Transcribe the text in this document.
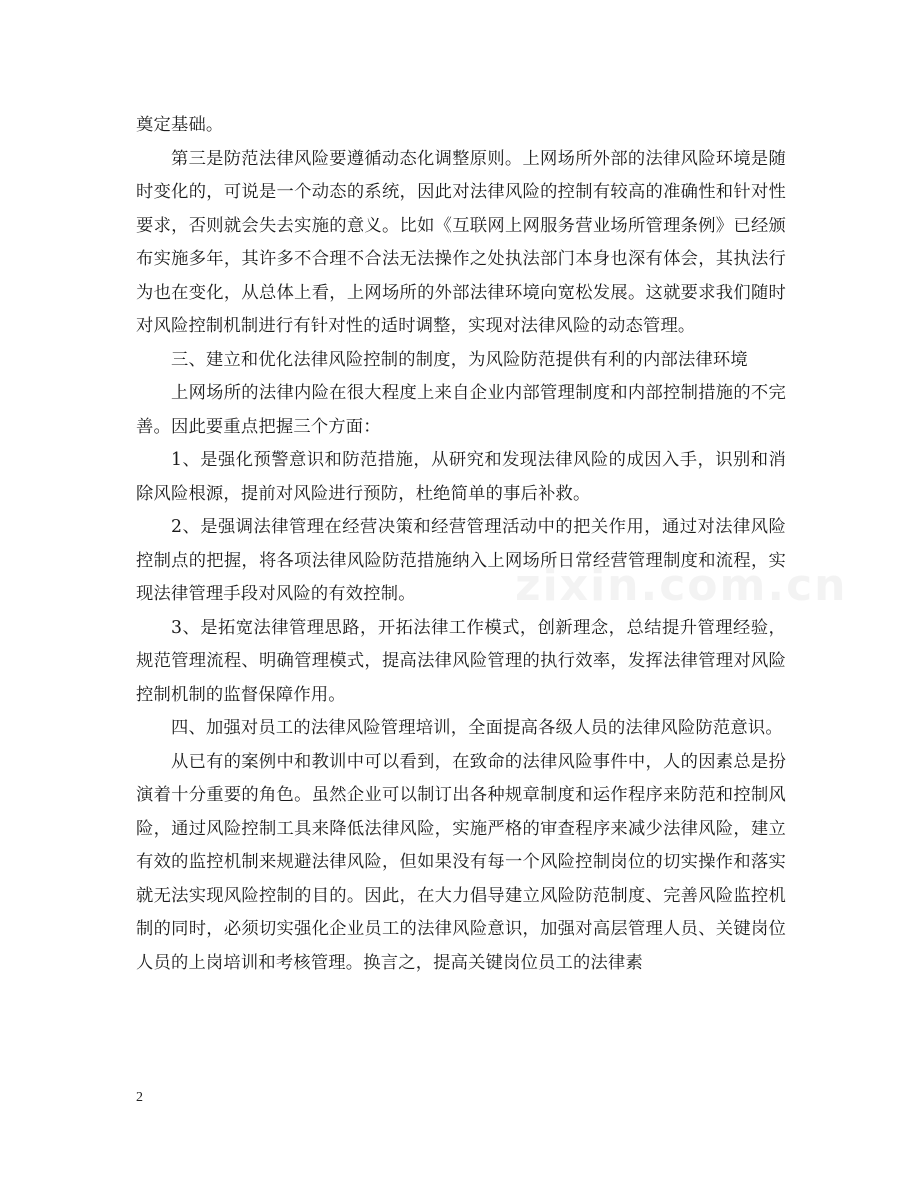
zixin.com.cn

奠定基础。

第三是防范法律风险要遵循动态化调整原则。上网场所外部的法律风险环境是随时变化的，可说是一个动态的系统，因此对法律风险的控制有较高的准确性和针对性要求，否则就会失去实施的意义。比如《互联网上网服务营业场所管理条例》已经颁布实施多年，其许多不合理不合法无法操作之处执法部门本身也深有体会，其执法行为也在变化，从总体上看，上网场所的外部法律环境向宽松发展。这就要求我们随时对风险控制机制进行有针对性的适时调整，实现对法律风险的动态管理。

三、建立和优化法律风险控制的制度，为风险防范提供有利的内部法律环境

上网场所的法律内险在很大程度上来自企业内部管理制度和内部控制措施的不完善。因此要重点把握三个方面：

1、是强化预警意识和防范措施，从研究和发现法律风险的成因入手，识别和消除风险根源，提前对风险进行预防，杜绝简单的事后补救。

2、是强调法律管理在经营决策和经营管理活动中的把关作用，通过对法律风险控制点的把握，将各项法律风险防范措施纳入上网场所日常经营管理制度和流程，实现法律管理手段对风险的有效控制。

3、是拓宽法律管理思路，开拓法律工作模式，创新理念，总结提升管理经验，规范管理流程、明确管理模式，提高法律风险管理的执行效率，发挥法律管理对风险控制机制的监督保障作用。

四、加强对员工的法律风险管理培训，全面提高各级人员的法律风险防范意识。

从已有的案例中和教训中可以看到，在致命的法律风险事件中，人的因素总是扮演着十分重要的角色。虽然企业可以制订出各种规章制度和运作程序来防范和控制风险，通过风险控制工具来降低法律风险，实施严格的审查程序来减少法律风险，建立有效的监控机制来规避法律风险，但如果没有每一个风险控制岗位的切实操作和落实就无法实现风险控制的目的。因此，在大力倡导建立风险防范制度、完善风险监控机制的同时，必须切实强化企业员工的法律风险意识，加强对高层管理人员、关键岗位人员的上岗培训和考核管理。换言之，提高关键岗位员工的法律素

2
